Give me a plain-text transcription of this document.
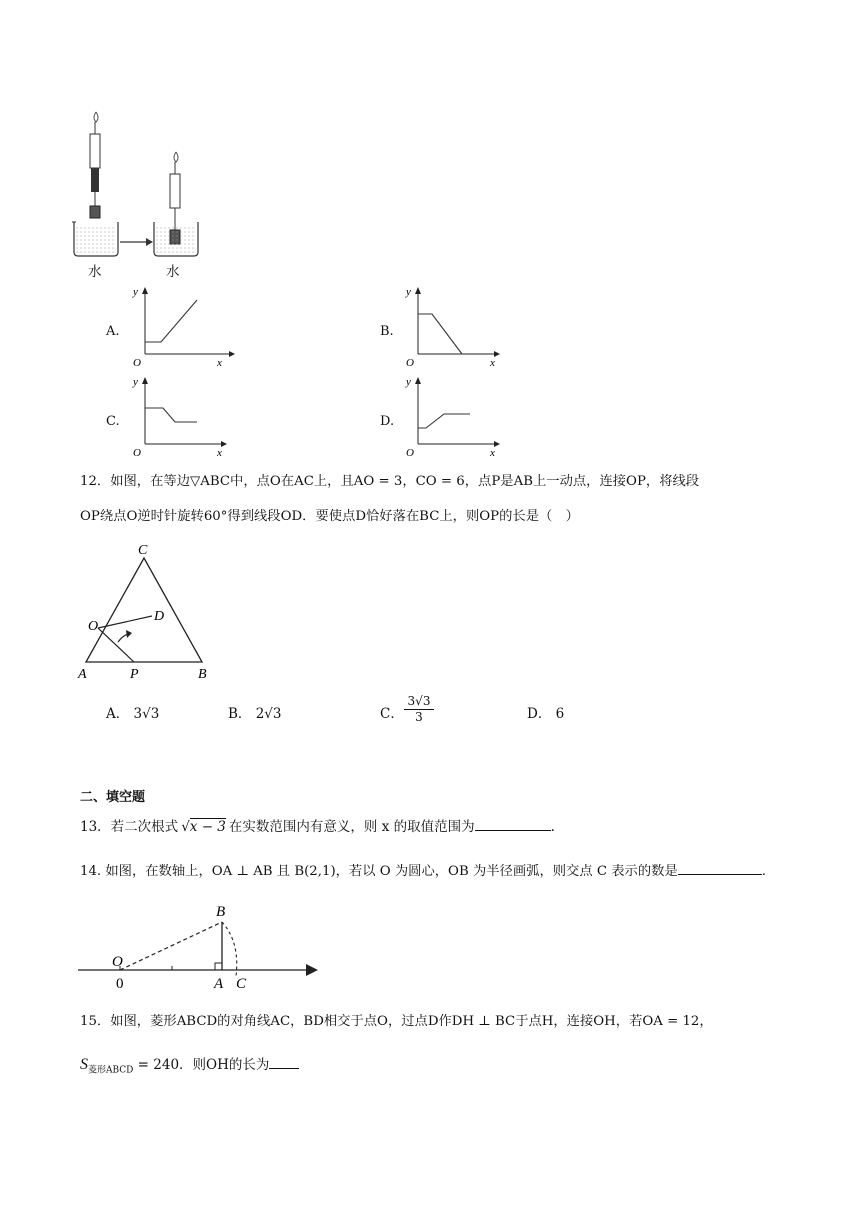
水	水
A.
y
x
O
B.
y
x
O
C.
y
x
O
D.
y
x
O
12．如图，在等边▽ABC中，点O在AC上，且AO = 3，CO = 6，点P是AB上一动点，连接OP，将线段
OP绕点O逆时针旋转60°得到线段OD．要使点D恰好落在BC上，则OP的长是（　）
C
O
D
A	P	B
A． 3√3	B． 2√3	C． $\frac{3√3}{3}$	D． 6
二、填空题
13．若二次根式 √x − 3 在实数范围内有意义，则 x 的取值范围为	.
14. 如图，在数轴上，OA ⊥ AB 且 B(2,1)，若以 O 为圆心，OB 为半径画弧，则交点 C 表示的数是	.
B
O
0	A C
15．如图，菱形ABCD的对角线AC，BD相交于点O，过点D作DH ⊥ BC于点H，连接OH，若OA = 12，
$S_{菱形ABCD} = 240$．则OH的长为
